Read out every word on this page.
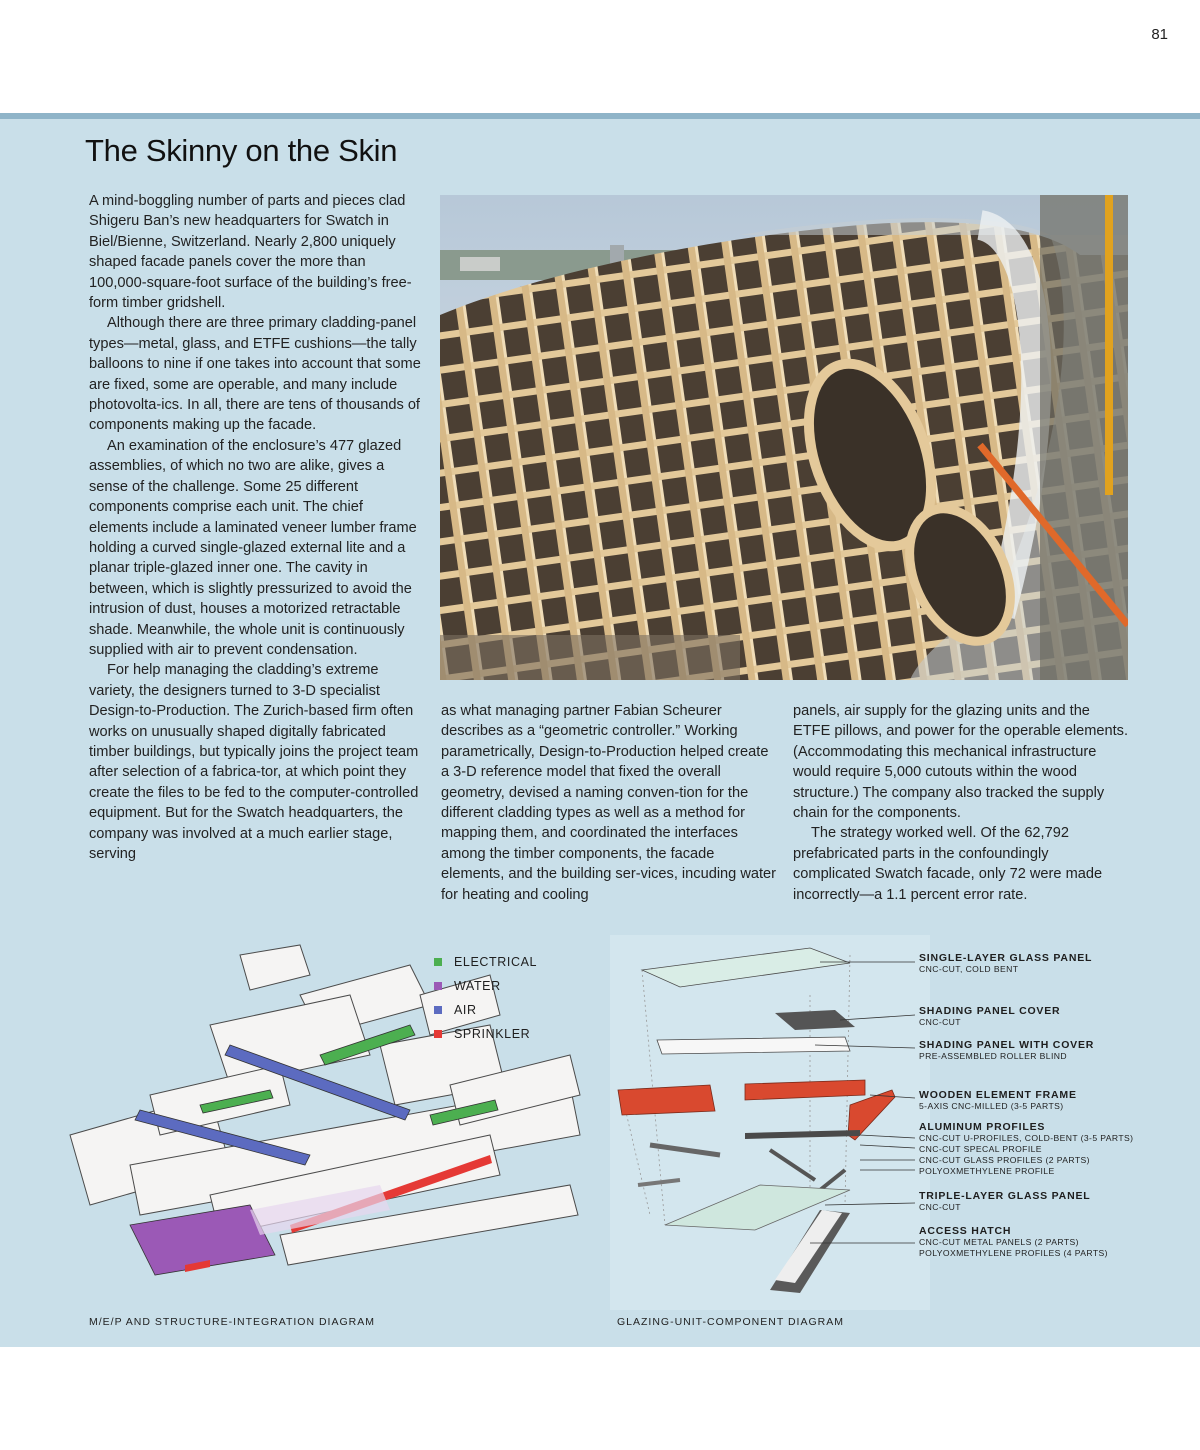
81
The Skinny on the Skin

A mind-boggling number of parts and pieces clad Shigeru Ban’s new headquarters for Swatch in Biel/Bienne, Switzerland. Nearly 2,800 uniquely shaped facade panels cover the more than 100,000-square-foot surface of the building’s free-form timber gridshell.

Although there are three primary cladding-panel types—metal, glass, and ETFE cushions—the tally balloons to nine if one takes into account that some are fixed, some are operable, and many include photovolta-ics. In all, there are tens of thousands of components making up the facade.

An examination of the enclosure’s 477 glazed assemblies, of which no two are alike, gives a sense of the challenge. Some 25 different components comprise each unit. The chief elements include a laminated veneer lumber frame holding a curved single-glazed external lite and a planar triple-glazed inner one. The cavity in between, which is slightly pressurized to avoid the intrusion of dust, houses a motorized retractable shade. Meanwhile, the whole unit is continuously supplied with air to prevent condensation.

For help managing the cladding’s extreme variety, the designers turned to 3-D specialist Design-to-Production. The Zurich-based firm often works on unusually shaped digitally fabricated timber buildings, but typically joins the project team after selection of a fabrica-tor, at which point they create the files to be fed to the computer-controlled equipment. But for the Swatch headquarters, the company was involved at a much earlier stage, serving

as what managing partner Fabian Scheurer describes as a “geometric controller.” Working parametrically, Design-to-Production helped create a 3-D reference model that fixed the overall geometry, devised a naming conven-tion for the different cladding types as well as a method for mapping them, and coordinated the interfaces among the timber components, the facade elements, and the building ser-vices, incuding water for heating and cooling

panels, air supply for the glazing units and the ETFE pillows, and power for the operable elements. (Accommodating this mechanical infrastructure would require 5,000 cutouts within the wood structure.) The company also tracked the supply chain for the components.

The strategy worked well. Of the 62,792 prefabricated parts in the confoundingly complicated Swatch facade, only 72 were made incorrectly—a 1.1 percent error rate.

ELECTRICAL
WATER
AIR
SPRINKLER
SINGLE-LAYER GLASS PANEL
CNC-CUT, COLD BENT
SHADING PANEL COVER
CNC-CUT
SHADING PANEL WITH COVER
PRE-ASSEMBLED ROLLER BLIND
WOODEN ELEMENT FRAME
5-AXIS CNC-MILLED (3-5 PARTS)
ALUMINUM PROFILES
CNC-CUT U-PROFILES, COLD-BENT (3-5 PARTS)
CNC-CUT SPECAL PROFILE
CNC-CUT GLASS PROFILES (2 PARTS)
POLYOXMETHYLENE PROFILE
TRIPLE-LAYER GLASS PANEL
CNC-CUT
ACCESS HATCH
CNC-CUT METAL PANELS (2 PARTS)
POLYOXMETHYLENE PROFILES (4 PARTS)
M/E/P AND STRUCTURE-INTEGRATION DIAGRAM	GLAZING-UNIT-COMPONENT DIAGRAM
